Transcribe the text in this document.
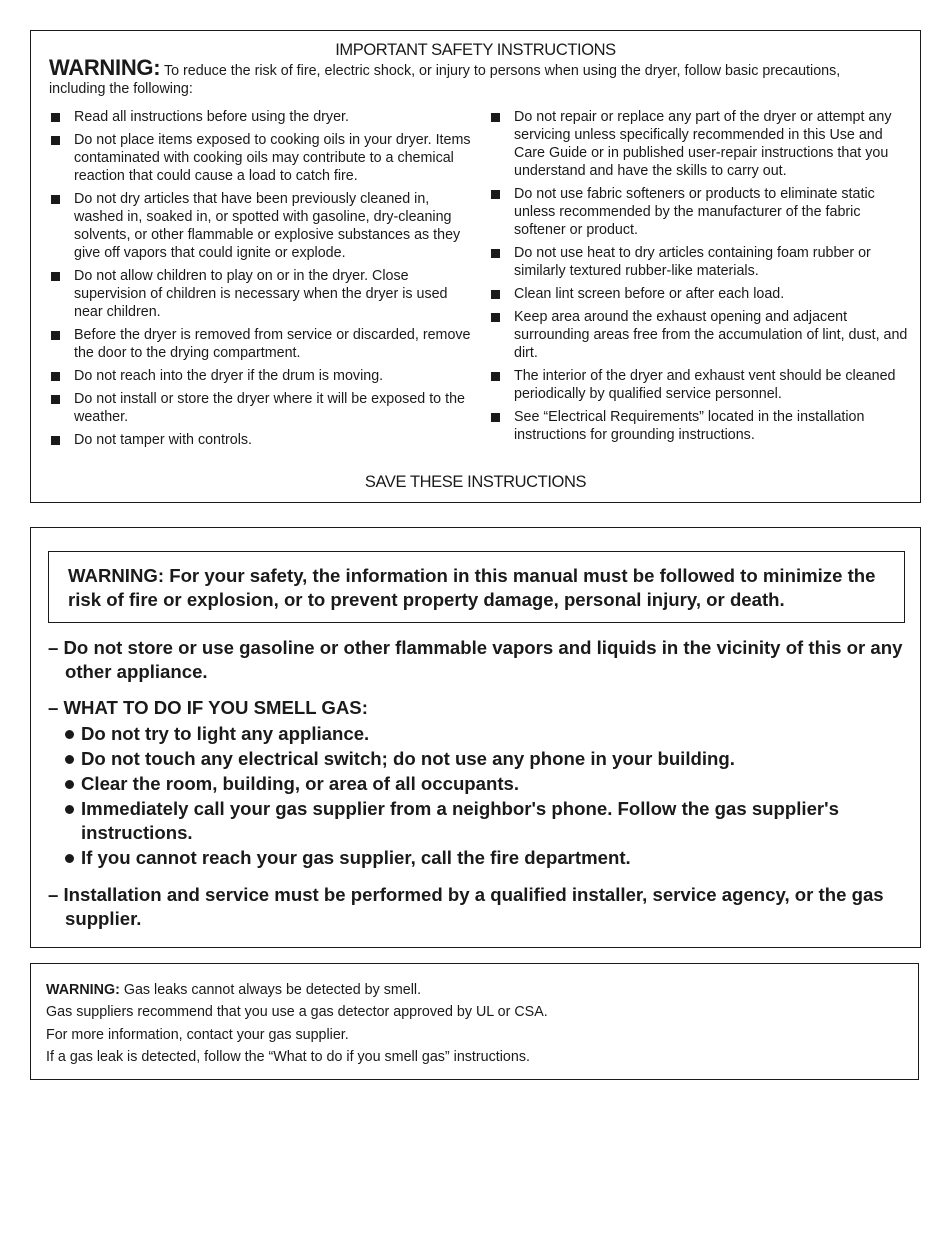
IMPORTANT SAFETY INSTRUCTIONS
WARNING: To reduce the risk of fire, electric shock, or injury to persons when using the dryer, follow basic precautions, including the following:
Read all instructions before using the dryer.
Do not place items exposed to cooking oils in your dryer. Items contaminated with cooking oils may contribute to a chemical reaction that could cause a load to catch fire.
Do not dry articles that have been previously cleaned in, washed in, soaked in, or spotted with gasoline, dry-cleaning solvents, or other flammable or explosive substances as they give off vapors that could ignite or explode.
Do not allow children to play on or in the dryer. Close supervision of children is necessary when the dryer is used near children.
Before the dryer is removed from service or discarded, remove the door to the drying compartment.
Do not reach into the dryer if the drum is moving.
Do not install or store the dryer where it will be exposed to the weather.
Do not tamper with controls.
Do not repair or replace any part of the dryer or attempt any servicing unless specifically recommended in this Use and Care Guide or in published user-repair instructions that you understand and have the skills to carry out.
Do not use fabric softeners or products to eliminate static unless recommended by the manufacturer of the fabric softener or product.
Do not use heat to dry articles containing foam rubber or similarly textured rubber-like materials.
Clean lint screen before or after each load.
Keep area around the exhaust opening and adjacent surrounding areas free from the accumulation of lint, dust, and dirt.
The interior of the dryer and exhaust vent should be cleaned periodically by qualified service personnel.
See “Electrical Requirements” located in the installation instructions for grounding instructions.
SAVE THESE INSTRUCTIONS
WARNING: For your safety, the information in this manual must be followed to minimize the risk of fire or explosion, or to prevent property damage, personal injury, or death.
– Do not store or use gasoline or other flammable vapors and liquids in the vicinity of this or any other appliance.
– WHAT TO DO IF YOU SMELL GAS:
Do not try to light any appliance.
Do not touch any electrical switch; do not use any phone in your building.
Clear the room, building, or area of all occupants.
Immediately call your gas supplier from a neighbor's phone. Follow the gas supplier's instructions.
If you cannot reach your gas supplier, call the fire department.
– Installation and service must be performed by a qualified installer, service agency, or the gas supplier.
WARNING: Gas leaks cannot always be detected by smell.
Gas suppliers recommend that you use a gas detector approved by UL or CSA.
For more information, contact your gas supplier.
If a gas leak is detected, follow the “What to do if you smell gas” instructions.
